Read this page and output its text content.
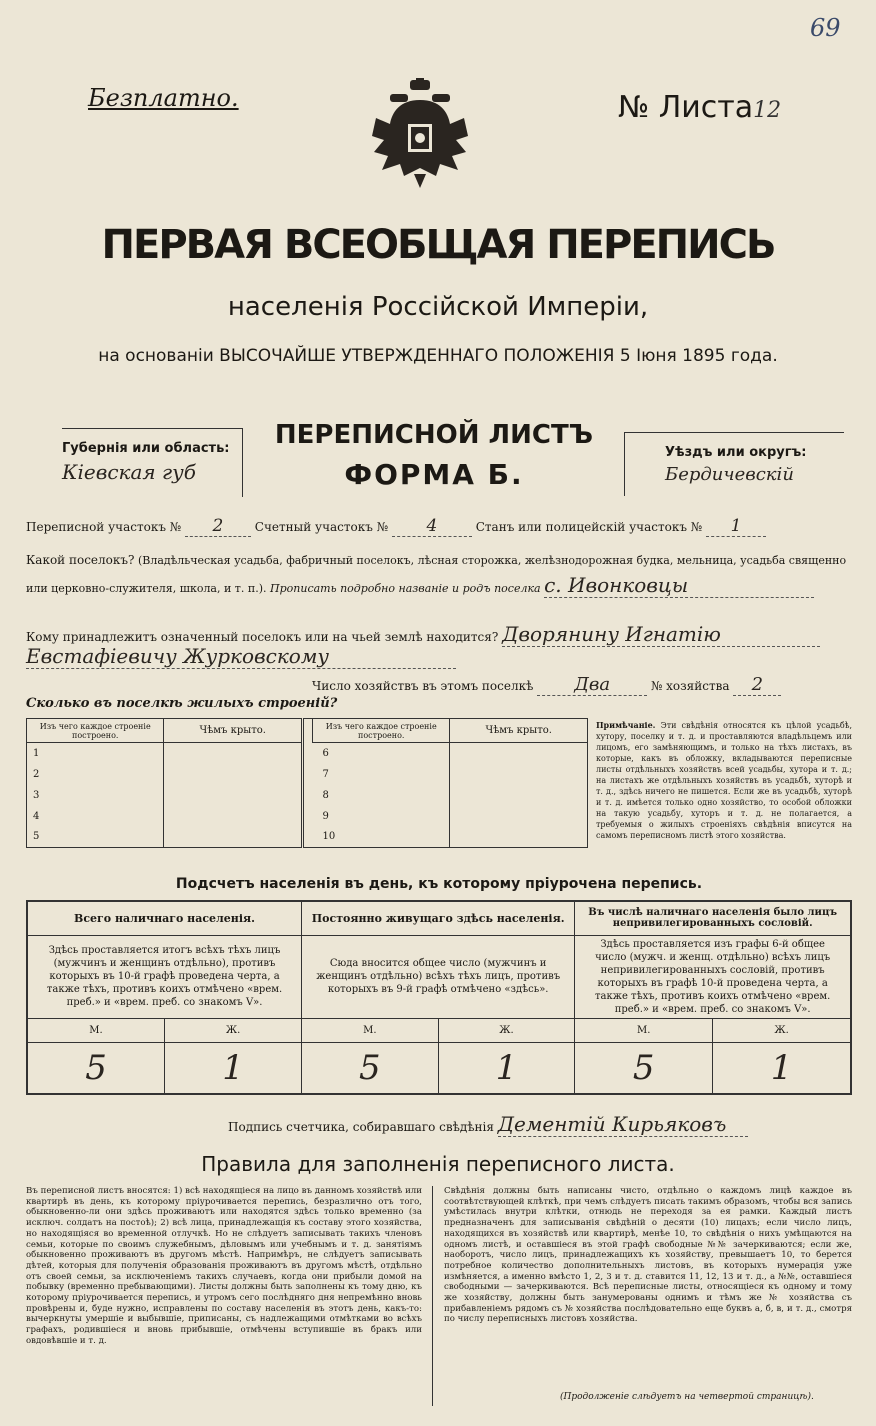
69
Безплатно.	№ Листа12
ПЕРВАЯ ВСЕОБЩАЯ ПЕРЕПИСЬ
населенія Россійской Имперіи,
на основаніи ВЫСОЧАЙШЕ УТВЕРЖДЕННАГО ПОЛОЖЕНІЯ 5 Іюня 1895 года.
Губернія или область:
Кіевская губ
ПЕРЕПИСНОЙ ЛИСТЪ
ФОРМА Б.
Уѣздъ или округъ:
Бердичевскій
Переписной участокъ № 2	Счетный участокъ № 4	Станъ или полицейскій участокъ № 1
Какой поселокъ? (Владѣльческая усадьба, фабричный поселокъ, лѣсная сторожка, желѣзнодорожная будка, мельница, усадьба священно или церковно-служителя, школа, и т. п.). Прописать подробно названіе и родъ поселка с. Ивонковцы
Кому принадлежитъ означенный поселокъ или на чьей землѣ находится? Дворянину Игнатію
Евстафіевичу Журковскому
Число хозяйствъ въ этомъ поселкѣ Два	№ хозяйства 2
Сколько въ поселкѣ жилыхъ строеній?
Изъ чего каждое строеніе построено.	Чѣмъ крыто.		Изъ чего каждое строеніе построено.	Чѣмъ крыто.
1			6	
2			7	
3			8	
4			9	
5			10	
Примѣчаніе. Эти свѣдѣнія относятся къ цѣлой усадьбѣ, хутору, поселку и т. д. и проставляются владѣльцемъ или лицомъ, его замѣняющимъ, и только на тѣхъ листахъ, въ которые, какъ въ обложку, вкладываются переписные листы отдѣльныхъ хозяйствъ всей усадьбы, хутора и т. д.; на листахъ же отдѣльныхъ хозяйствъ въ усадьбѣ, хуторѣ и т. д., здѣсь ничего не пишется. Если же въ усадьбѣ, хуторѣ и т. д. имѣется только одно хозяйство, то особой обложки на такую усадьбу, хуторъ и т. д. не полагается, а требуемыя о жилыхъ строеніяхъ свѣдѣнія вписутся на самомъ переписномъ листѣ этого хозяйства.
Подсчетъ населенія въ день, къ которому пріурочена перепись.
Всего наличнаго населенія.		Постоянно живущаго здѣсь населенія.		Въ числѣ наличнаго населенія было лицъ непривилегированныхъ сословій.	
Здѣсь проставляется итогъ всѣхъ тѣхъ лицъ (мужчинъ и женщинъ отдѣльно), противъ которыхъ въ 10-й графѣ проведена черта, а также тѣхъ, противъ коихъ отмѣчено «врем. преб.» и «врем. преб. со знакомъ V».		Сюда вносится общее число (мужчинъ и женщинъ отдѣльно) всѣхъ тѣхъ лицъ, противъ которыхъ въ 9-й графѣ отмѣчено «здѣсь».		Здѣсь проставляется изъ графы 6-й общее число (мужч. и женщ. отдѣльно) всѣхъ лицъ непривилегированныхъ сословій, противъ которыхъ въ графѣ 10-й проведена черта, а также тѣхъ, противъ коихъ отмѣчено «врем. преб.» и «врем. преб. со знакомъ V».	
М.	Ж.	М.	Ж.	М.	Ж.
5	1	5	1	5	1
Подпись счетчика, собиравшаго свѣдѣнія Дементій Кирьяковъ
Правила для заполненія переписного листа.
Въ переписной листъ вносятся: 1) всѣ находящіеся на лицо въ данномъ хозяйствѣ или квартирѣ въ день, къ которому пріурочивается перепись, безразлично отъ того, обыкновенно-ли они здѣсь проживаютъ или находятся здѣсь только временно (за исключ. солдатъ на постоѣ); 2) всѣ лица, принадлежащія къ составу этого хозяйства, но находящіяся во временной отлучкѣ. Но не слѣдуетъ записывать такихъ членовъ семьи, которые по своимъ служебнымъ, дѣловымъ или учебнымъ и т. д. занятіямъ обыкновенно проживаютъ въ другомъ мѣстѣ. Напримѣръ, не слѣдуетъ записывать дѣтей, которыя для полученія образованія проживаютъ въ другомъ мѣстѣ, отдѣльно отъ своей семьи, за исключеніемъ такихъ случаевъ, когда они прибыли домой на побывку (временно пребывающими). Листы должны быть заполнены къ тому дню, къ которому пріурочивается перепись, и утромъ сего послѣдняго дня непремѣнно вновь провѣрены и, буде нужно, исправлены по составу населенія въ этотъ день, какъ-то: вычеркнуты умершіе и выбывшіе, приписаны, съ надлежащими отмѣтками во всѣхъ графахъ, родившіеся и вновь прибывшіе, отмѣчены вступившіе въ бракъ или овдовѣвшіе и т. д.
Свѣдѣнія должны быть написаны чисто, отдѣльно о каждомъ лицѣ каждое въ соотвѣтствующей клѣткѣ, при чемъ слѣдуетъ писать такимъ образомъ, чтобы вся запись умѣстилась внутри клѣтки, отнюдь не переходя за ея рамки. Каждый листъ предназначенъ для записыванія свѣдѣній о десяти (10) лицахъ; если число лицъ, находящихся въ хозяйствѣ или квартирѣ, менѣе 10, то свѣдѣнія о нихъ умѣщаются на одномъ листѣ, и оставшіеся въ этой графѣ свободные №№ зачеркиваются; если же, наоборотъ, число лицъ, принадлежащихъ къ хозяйству, превышаетъ 10, то берется потребное количество дополнительныхъ листовъ, въ которыхъ нумерація уже измѣняется, а именно вмѣсто 1, 2, 3 и т. д. ставится 11, 12, 13 и т. д., а №№, оставшіеся свободными — зачеркиваются. Всѣ переписные листы, относящіеся къ одному и тому же хозяйству, должны быть занумерованы однимъ и тѣмъ же № хозяйства съ прибавленіемъ рядомъ съ № хозяйства послѣдовательно еще буквъ а, б, в, и т. д., смотря по числу переписныхъ листовъ хозяйства.
(Продолженіе слѣдуетъ на четвертой страницѣ).
